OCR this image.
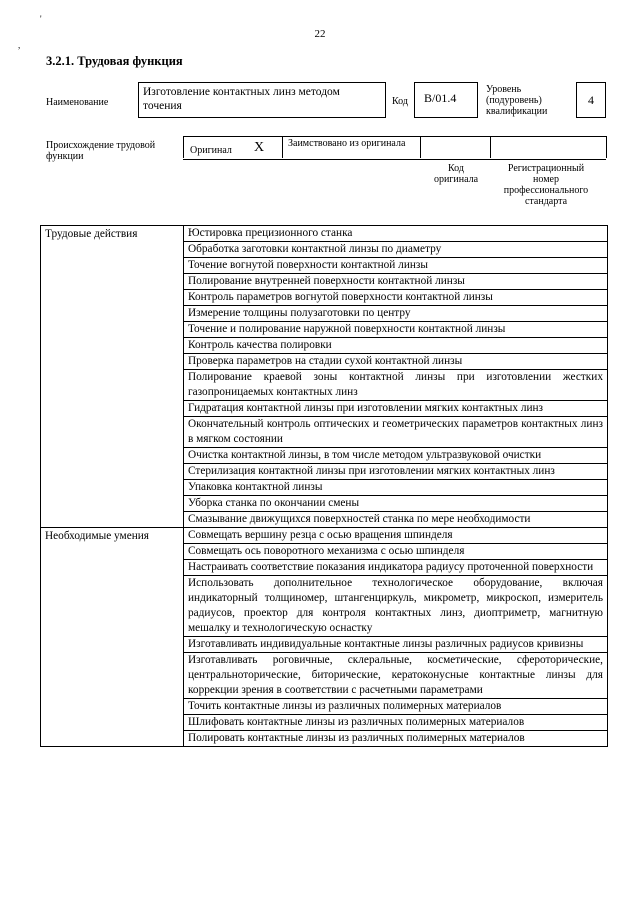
22
'
,
3.2.1. Трудовая функция
Наименование
Изготовление контактных линз методом точения	Код	B/01.4
Уровень (подуровень) квалификации
4
Происхождение трудовой функции
Оригинал X Заимствовано из оригинала
Код оригинала
Регистрационный номер профессионального стандарта
Трудовые действия	Юстировка прецизионного станка
	Обработка заготовки контактной линзы по диаметру
	Точение вогнутой поверхности контактной линзы
	Полирование внутренней поверхности контактной линзы
	Контроль параметров вогнутой поверхности контактной линзы
	Измерение толщины полузаготовки по центру
	Точение и полирование наружной поверхности контактной линзы
	Контроль качества полировки
	Проверка параметров на стадии сухой контактной линзы
	Полирование краевой зоны контактной линзы при изготовлении жестких газопроницаемых контактных линз
	Гидратация контактной линзы при изготовлении мягких контактных линз
	Окончательный контроль оптических и геометрических параметров контактных линз в мягком состоянии
	Очистка контактной линзы, в том числе методом ультразвуковой очистки
	Стерилизация контактной линзы при изготовлении мягких контактных линз
	Упаковка контактной линзы
	Уборка станка по окончании смены
	Смазывание движущихся поверхностей станка по мере необходимости
Необходимые умения	Совмещать вершину резца с осью вращения шпинделя
	Совмещать ось поворотного механизма с осью шпинделя
	Настраивать соответствие показания индикатора радиусу проточенной поверхности
	Использовать дополнительное технологическое оборудование, включая индикаторный толщиномер, штангенциркуль, микрометр, микроскоп, измеритель радиусов, проектор для контроля контактных линз, диоптриметр, магнитную мешалку и технологическую оснастку
	Изготавливать индивидуальные контактные линзы различных радиусов кривизны
	Изготавливать роговичные, склеральные, косметические, сфероторические, центральноторические, биторические, кератоконусные контактные линзы для коррекции зрения в соответствии с расчетными параметрами
	Точить контактные линзы из различных полимерных материалов
	Шлифовать контактные линзы из различных полимерных материалов
	Полировать контактные линзы из различных полимерных материалов
